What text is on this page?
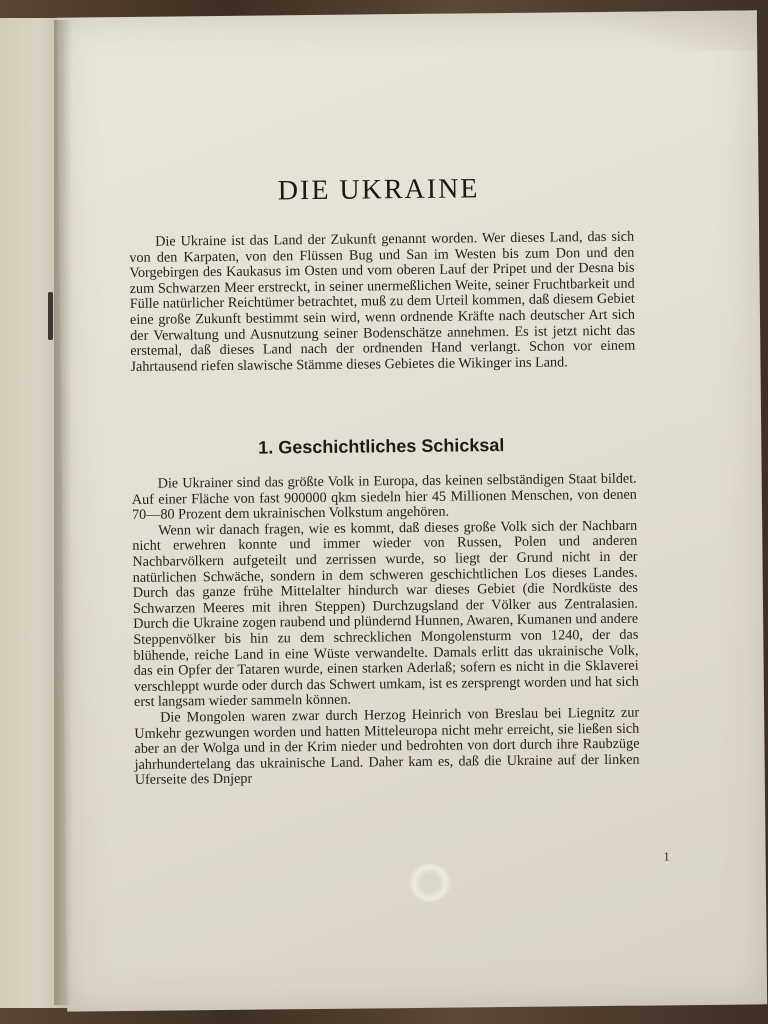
DIE UKRAINE

Die Ukraine ist das Land der Zukunft genannt worden. Wer dieses Land, das sich von den Karpaten, von den Flüssen Bug und San im Westen bis zum Don und den Vorgebirgen des Kaukasus im Osten und vom oberen Lauf der Pripet und der Desna bis zum Schwarzen Meer erstreckt, in seiner unermeßlichen Weite, seiner Fruchtbarkeit und Fülle natürlicher Reichtümer betrachtet, muß zu dem Urteil kommen, daß diesem Gebiet eine große Zukunft bestimmt sein wird, wenn ordnende Kräfte nach deutscher Art sich der Verwaltung und Ausnutzung seiner Bodenschätze annehmen. Es ist jetzt nicht das erstemal, daß dieses Land nach der ordnenden Hand verlangt. Schon vor einem Jahrtausend riefen slawische Stämme dieses Gebietes die Wikinger ins Land.

1. Geschichtliches Schicksal

Die Ukrainer sind das größte Volk in Europa, das keinen selbständigen Staat bildet. Auf einer Fläche von fast 900000 qkm siedeln hier 45 Millionen Menschen, von denen 70—80 Prozent dem ukrainischen Volkstum angehören.

Wenn wir danach fragen, wie es kommt, daß dieses große Volk sich der Nachbarn nicht erwehren konnte und immer wieder von Russen, Polen und anderen Nachbarvölkern aufgeteilt und zerrissen wurde, so liegt der Grund nicht in der natürlichen Schwäche, sondern in dem schweren geschichtlichen Los dieses Landes. Durch das ganze frühe Mittelalter hindurch war dieses Gebiet (die Nordküste des Schwarzen Meeres mit ihren Steppen) Durchzugsland der Völker aus Zentralasien. Durch die Ukraine zogen raubend und plündernd Hunnen, Awaren, Kumanen und andere Steppenvölker bis hin zu dem schrecklichen Mongolensturm von 1240, der das blühende, reiche Land in eine Wüste verwandelte. Damals erlitt das ukrainische Volk, das ein Opfer der Tataren wurde, einen starken Aderlaß; sofern es nicht in die Sklaverei verschleppt wurde oder durch das Schwert umkam, ist es zersprengt worden und hat sich erst langsam wieder sammeln können.

Die Mongolen waren zwar durch Herzog Heinrich von Breslau bei Liegnitz zur Umkehr gezwungen worden und hatten Mitteleuropa nicht mehr erreicht, sie ließen sich aber an der Wolga und in der Krim nieder und bedrohten von dort durch ihre Raubzüge jahrhundertelang das ukrainische Land. Daher kam es, daß die Ukraine auf der linken Uferseite des Dnjepr

1
